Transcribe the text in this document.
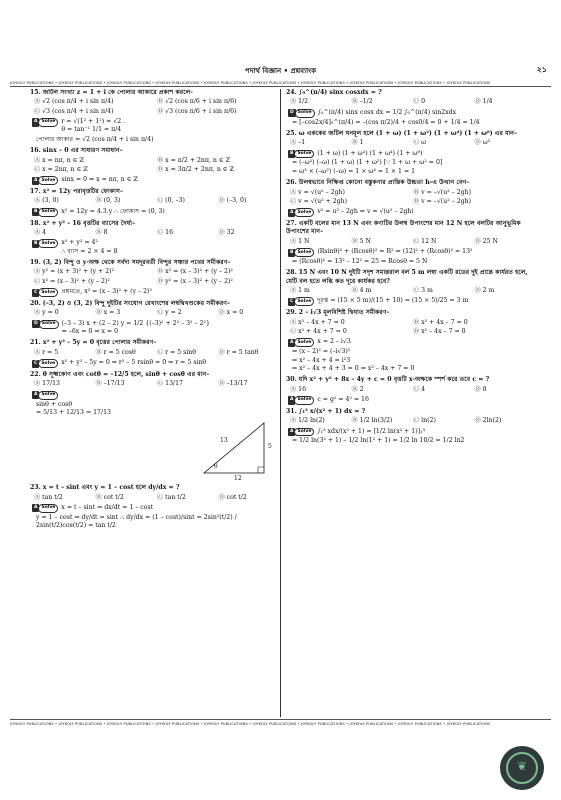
পদার্থ বিজ্ঞান • প্রশ্নব্যাংক	২১
JOYKOLY PUBLICATIONS • JOYKOLY PUBLICATIONS • JOYKOLY PUBLICATIONS • JOYKOLY PUBLICATIONS • JOYKOLY PUBLICATIONS • JOYKOLY PUBLICATIONS • JOYKOLY PUBLICATIONS • JOYKOLY PUBLICATIONS • JOYKOLY PUBLICATIONS • JOYKOLY PUBLICATIONS
15. জটিল সংখ্যা z = 1 + i কে পোলার আকারে প্রকাশ করলে-
Ⓐ √2 (cos π/4 + i sin π/4)	Ⓑ √2 (cos π/6 + i sin π/6)
Ⓒ √3 (cos π/4 + i sin π/4)	Ⓓ √3 (cos π/6 + i sin π/6)
A Solve r = √(1² + 1²) = √2 .
θ = tan⁻¹ 1/1 = π/4
পোলার আকার = √2 (cos π/4 + i sin π/4)
16. sinx – 0 এর সাধারণ সমাধান–
Ⓐ x = nπ, n ∈ ℤ	Ⓑ x = π/2 + 2nπ, n ∈ ℤ
Ⓒ x = 2nπ, n ∈ ℤ	Ⓓ x = 3π/2 + 2nπ, n ∈ ℤ
A Solve sinx = 0 ⇒ x = nπ, n ∈ ℤ
17. x² = 12y পরাবৃত্তটির ফোকাস–
Ⓐ (3, 0)	Ⓑ (0, 3)	Ⓒ (0, –3)	Ⓓ (–3, 0)
B Solve x² = 12y = 4.3.y ∴ ফোকাস = (0, 3)
18. x² + y² – 16 বৃত্তটির ব্যাসের দৈর্ঘ্য–
Ⓐ 4	Ⓑ 8	Ⓒ 16	Ⓓ 32
B Solve x² + y² = 4²
∴ ব্যাস = 2 × 4 = 8
19. (3, 2) বিন্দু ও y-অক্ষ থেকে সর্বদা সমদূরবর্তী বিন্দুর সঞ্চার পথের সমীকরণ–
Ⓐ y² = (x + 3)² + (y + 2)²	Ⓑ x² = (x – 3)² + (y – 2)²
Ⓒ x² = (x – 3)² + (y – 2)²	Ⓓ y² = (x – 3)² + (y – 2)²
C Solve প্রশ্নমতে, x² = (x – 3)² + (y – 2)²
20. (–3, 2) ও (3, 2) বিন্দু দুইটির সংযোগ রেখাংশের লম্বদ্বিখণ্ডকের সমীকরণ–
Ⓐ y = 0	Ⓑ x = 3	Ⓒ y = 2	Ⓓ x = 0
D Solve (–3 – 3) x + (2 – 2) y = 1/2 {(–3)² + 2² – 3² – 2²}
⇒ –6x = 0 ⇒ x = 0
21. x² + y² – 5y = 0 বৃত্তের পোলার সমীকরণ–
Ⓐ r = 5	Ⓑ r = 5 cosθ	Ⓒ r = 5 sinθ	Ⓓ r = 5 tanθ
C Solve x² + y² – 5y = 0 ⇒ r² – 5 rsinθ = 0 ⇒ r = 5 sinθ
22. θ সূক্ষ্মকোণ এবং cotθ = –12/5 হলে, sinθ + cosθ এর মান–
Ⓐ 17/13	Ⓑ –17/13	Ⓒ 13/17	Ⓓ –13/17
A Solve
sinθ + cosθ
= 5/13 + 12/13 = 17/13
13
5
12
θ
23. x = t – sint এবং y = 1 – cost হলে dy/dx = ?
Ⓐ tan t/2	Ⓑ cot t/2	Ⓒ tan t/2	Ⓓ cot t/2
A Solve x = t – sint ⇒ dx/dt = 1 – cost
y = 1 – cost ⇒ dy/dt = sint ∴ dy/dx = (1 – cost)/sint = 2sin²(t/2) / 2sin(t/2)cos(t/2) = tan t/2
24. ∫₀^(π/4) sinx cosxdx = ?
Ⓐ 1/2	Ⓑ –1/2	Ⓒ 0	Ⓓ 1/4
D Solve ∫₀^(π/4) sinx cosx dx = 1/2 ∫₀^(π/4) sin2xdx
= [–cos2x/4]₀^(π/4) = –(cos π/2)/4 + cos0/4 = 0 + 1/4 = 1/4
25. ω এককের জটিল ঘনমূল হলে (1 + ω) (1 + ω²) (1 + ω⁴) (1 + ω⁸) এর মান–
Ⓐ –1	Ⓑ 1	Ⓒ ω	Ⓓ ω²
B Solve (1 + ω) (1 + ω²) (1 + ω⁴) (1 + ω⁸)
= (–ω²) (–ω) (1 + ω) (1 + ω²) [∵ 1 + ω + ω² = 0]
= ω³ × (–ω²) (–ω) = 1 × ω³ = 1 × 1 = 1
26. উলম্বভাবে নিক্ষিপ্ত কোনো বস্তুকণার প্রান্তিক উচ্চতা h-এ উত্থান বেগ–
Ⓐ v = √(u² – 2gh)	Ⓑ v = –√(u² – 2gh)
Ⓒ v = √(u² + 2gh)	Ⓓ v = –√(u² – 2gh)
A Solve v² = u² – 2gh ⇒ v = √(u² – 2gh)
27. একটি বলের মান 13 N এবং কণাটির উলম্ব উপাংশের মান 12 N হলে বলটির আনুভূমিক উপাংশের মান–
Ⓐ 1 N	Ⓑ 5 N	Ⓒ 12 N	Ⓓ 25 N
B Solve (Rsinθ)² + (Rcosθ)² = R² ⇒ (12)² + (Rcosθ)² = 13²
⇒ (Rcosθ)² = 13² – 12² = 25 ⇒ Rcosθ = 5 N
28. 15 N এবং 10 N দুইটি সদৃশ সমান্তরাল বল 5 m লম্বা একটি রডের দুই প্রান্তে কার্যরত হলে, যেটি বল হতে লব্ধি কত দূরে কার্যকর হবে?
Ⓐ 1 m	Ⓑ 4 m	Ⓒ 3 m	Ⓓ 2 m
C Solve দূরত্ব = (15 × 5 m)/(15 + 10) = (15 × 5)/25 = 3 m
29. 2 – i√3 মূলবিশিষ্ট দ্বিঘাত সমীকরণ–
Ⓐ x² – 4x + 7 = 0	Ⓑ x² + 4x – 7 = 0
Ⓒ x² + 4x + 7 = 0	Ⓓ x² – 4x – 7 = 0
A Solve x = 2 – i√3
⇒ (x – 2)² = (–i√3)²
⇒ x² – 4x + 4 = i²3
⇒ x² – 4x + 4 + 3 = 0 ⇒ x² – 4x + 7 = 0
30. যদি x² + y² + 8x – 4y + c = 0 বৃত্তটি x-অক্ষকে স্পর্শ করে তবে c = ?
Ⓐ 16	Ⓑ 2	Ⓒ 4	Ⓓ 8
A Solve c = g² = 4² = 16
31. ∫₁³ x/(x² + 1) dx = ?
Ⓐ 1/2 ln(2)	Ⓑ 1/2 ln(3/2)	Ⓒ ln(2)	Ⓓ 2ln(2)
A Solve ∫₁³ xdx/(x² + 1) = [1/2 ln(x² + 1)]₁³
= 1/2 ln(3² + 1) – 1/2 ln(1² + 1) = 1/2 ln 10/2 = 1/2 ln2
JOYKOLY PUBLICATIONS • JOYKOLY PUBLICATIONS • JOYKOLY PUBLICATIONS • JOYKOLY PUBLICATIONS • JOYKOLY PUBLICATIONS • JOYKOLY PUBLICATIONS • JOYKOLY PUBLICATIONS • JOYKOLY PUBLICATIONS • JOYKOLY PUBLICATIONS • JOYKOLY PUBLICATIONS
❦
